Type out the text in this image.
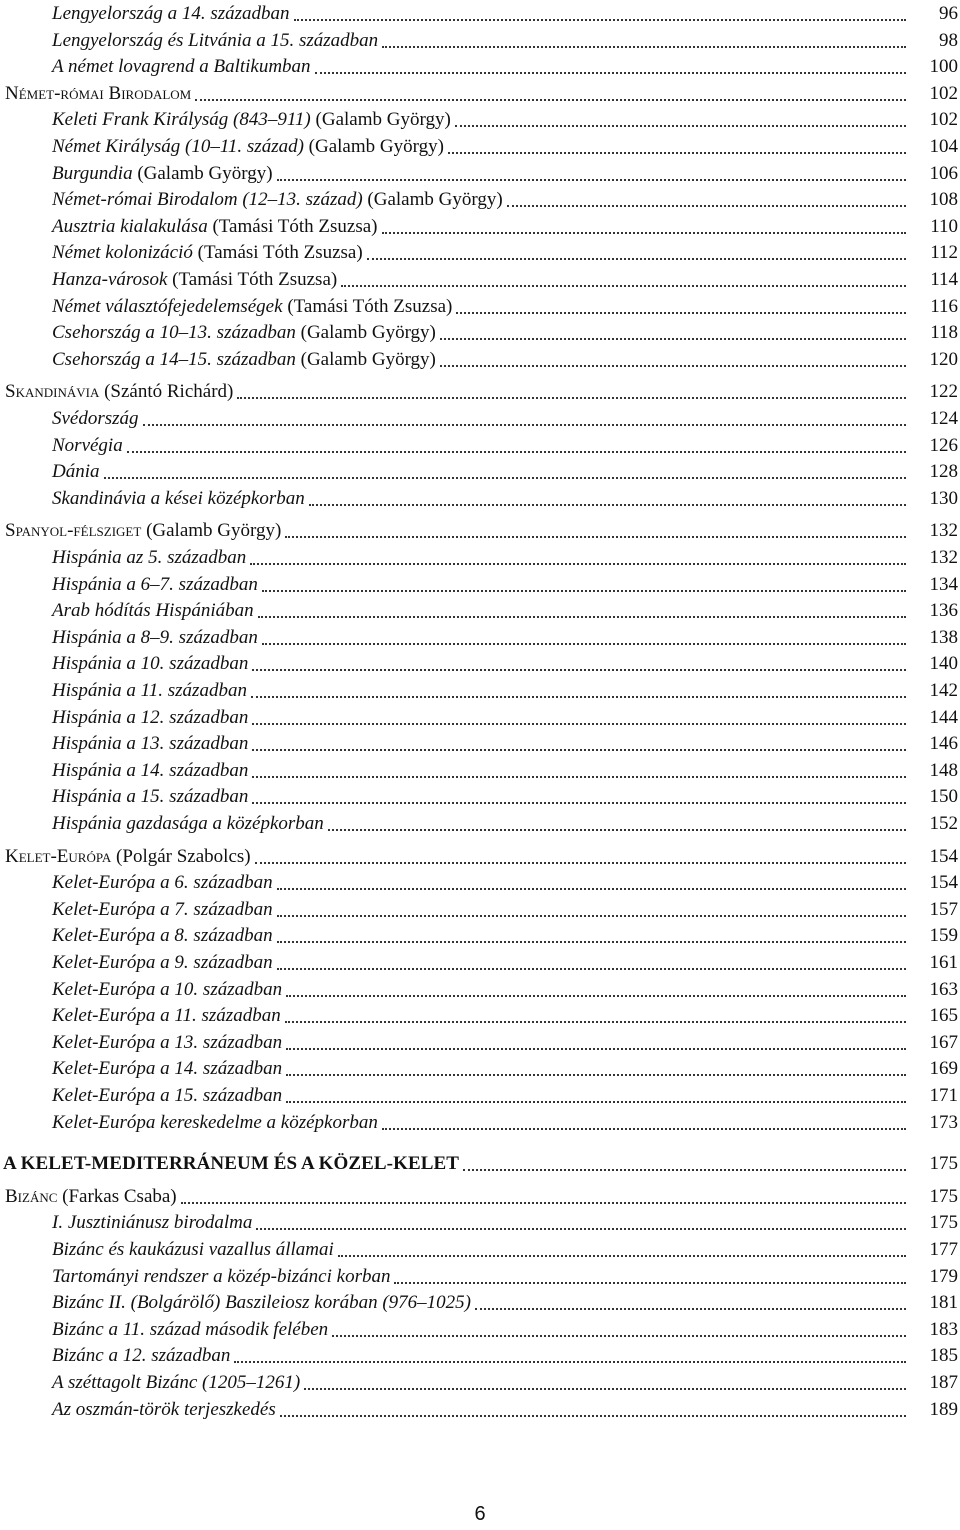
Lengyelország a 14. században	96
Lengyelország és Litvánia a 15. században	98
A német lovagrend a Baltikumban	100
Német-római Birodalom	102
Keleti Frank Királyság (843–911) (Galamb György)	102
Német Királyság (10–11. század) (Galamb György)	104
Burgundia (Galamb György)	106
Német-római Birodalom (12–13. század) (Galamb György)	108
Ausztria kialakulása (Tamási Tóth Zsuzsa)	110
Német kolonizáció (Tamási Tóth Zsuzsa)	112
Hanza-városok (Tamási Tóth Zsuzsa)	114
Német választófejedelemségek (Tamási Tóth Zsuzsa)	116
Csehország a 10–13. században (Galamb György)	118
Csehország a 14–15. században (Galamb György)	120
Skandinávia (Szántó Richárd)	122
Svédország	124
Norvégia	126
Dánia	128
Skandinávia a kései középkorban	130
Spanyol-félsziget (Galamb György)	132
Hispánia az 5. században	132
Hispánia a 6–7. században	134
Arab hódítás Hispániában	136
Hispánia a 8–9. században	138
Hispánia a 10. században	140
Hispánia a 11. században	142
Hispánia a 12. században	144
Hispánia a 13. században	146
Hispánia a 14. században	148
Hispánia a 15. században	150
Hispánia gazdasága a középkorban	152
Kelet-Európa (Polgár Szabolcs)	154
Kelet-Európa a 6. században	154
Kelet-Európa a 7. században	157
Kelet-Európa a 8. században	159
Kelet-Európa a 9. században	161
Kelet-Európa a 10. században	163
Kelet-Európa a 11. században	165
Kelet-Európa a 13. században	167
Kelet-Európa a 14. században	169
Kelet-Európa a 15. században	171
Kelet-Európa kereskedelme a középkorban	173
A KELET-MEDITERRÁNEUM ÉS A KÖZEL-KELET	175
Bizánc (Farkas Csaba)	175
I. Jusztiniánusz birodalma	175
Bizánc és kaukázusi vazallus államai	177
Tartományi rendszer a közép-bizánci korban	179
Bizánc II. (Bolgárölő) Baszileiosz korában (976–1025)	181
Bizánc a 11. század második felében	183
Bizánc a 12. században	185
A széttagolt Bizánc (1205–1261)	187
Az oszmán-török terjeszkedés	189
6
